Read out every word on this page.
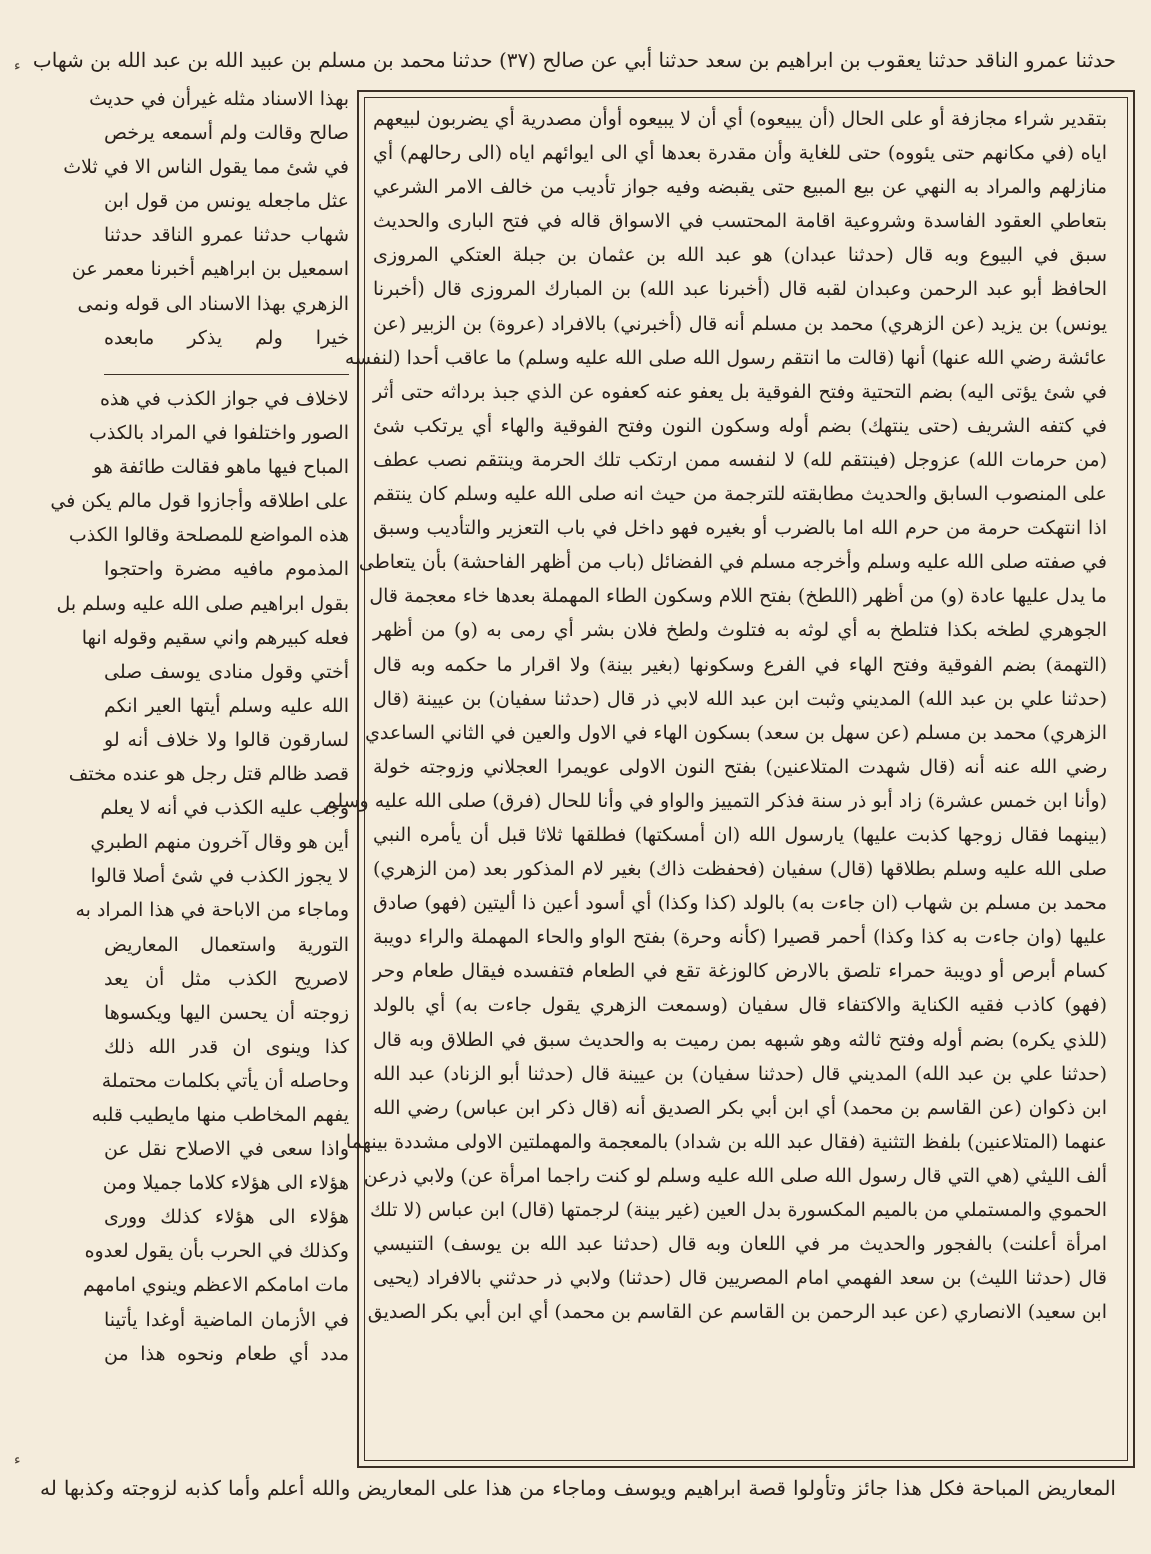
ء حدثنا عمرو الناقد حدثنا يعقوب بن ابراهيم بن سعد حدثنا أبي عن صالح (٣٧) حدثنا محمد بن مسلم بن عبيد الله بن عبد الله بن شهاب
بهذا الاسناد مثله غيرأن في حديث
صالح وقالت ولم أسمعه يرخص
في شئ مما يقول الناس الا في ثلاث
عثل ماجعله يونس من قول ابن
شهاب حدثنا عمرو الناقد حدثنا
اسمعيل بن ابراهيم أخبرنا معمر عن
الزهري بهذا الاسناد الى قوله ونمى
خيرا ولم يذكر مابعده
لاخلاف في جواز الكذب في هذه
الصور واختلفوا في المراد بالكذب
المباح فيها ماهو فقالت طائفة هو
على اطلاقه وأجازوا قول مالم يكن في
هذه المواضع للمصلحة وقالوا الكذب
المذموم مافيه مضرة واحتجوا
بقول ابراهيم صلى الله عليه وسلم بل
فعله كبيرهم واني سقيم وقوله انها
أختي وقول منادى يوسف صلى
الله عليه وسلم أيتها العير انكم
لسارقون قالوا ولا خلاف أنه لو
قصد ظالم قتل رجل هو عنده مختف
وجب عليه الكذب في أنه لا يعلم
أين هو وقال آخرون منهم الطبري
لا يجوز الكذب في شئ أصلا قالوا
وماجاء من الاباحة في هذا المراد به
التورية واستعمال المعاريض
لاصريح الكذب مثل أن يعد
زوجته أن يحسن اليها ويكسوها
كذا وينوى ان قدر الله ذلك
وحاصله أن يأتي بكلمات محتملة
يفهم المخاطب منها مايطيب قلبه
واذا سعى في الاصلاح نقل عن
هؤلاء الى هؤلاء كلاما جميلا ومن
هؤلاء الى هؤلاء كذلك وورى
وكذلك في الحرب بأن يقول لعدوه
مات امامكم الاعظم وينوي امامهم
في الأزمان الماضية أوغدا يأتينا
مدد أي طعام ونحوه هذا من
بتقدير شراء مجازفة أو على الحال (أن يبيعوه) أي أن لا يبيعوه أوأن مصدرية أي يضربون لبيعهم
اياه (في مكانهم حتى يئووه) حتى للغاية وأن مقدرة بعدها أي الى ايوائهم اياه (الى رحالهم) أي
منازلهم والمراد به النهي عن بيع المبيع حتى يقبضه وفيه جواز تأديب من خالف الامر الشرعي
بتعاطي العقود الفاسدة وشروعية اقامة المحتسب في الاسواق قاله في فتح البارى والحديث
سبق في البيوع وبه قال (حدثنا عبدان) هو عبد الله بن عثمان بن جبلة العتكي المروزى
الحافظ أبو عبد الرحمن وعبدان لقبه قال (أخبرنا عبد الله) بن المبارك المروزى قال (أخبرنا
يونس) بن يزيد (عن الزهري) محمد بن مسلم أنه قال (أخبرني) بالافراد (عروة) بن الزبير (عن
عائشة رضي الله عنها) أنها (قالت ما انتقم رسول الله صلى الله عليه وسلم) ما عاقب أحدا (لنفسه
في شئ يؤتى اليه) بضم التحتية وفتح الفوقية بل يعفو عنه كعفوه عن الذي جبذ برداثه حتى أثر
في كتفه الشريف (حتى ينتهك) بضم أوله وسكون النون وفتح الفوقية والهاء أي يرتكب شئ
(من حرمات الله) عزوجل (فينتقم لله) لا لنفسه ممن ارتكب تلك الحرمة وينتقم نصب عطف
على المنصوب السابق والحديث مطابقته للترجمة من حيث انه صلى الله عليه وسلم كان ينتقم
اذا انتهكت حرمة من حرم الله اما بالضرب أو بغيره فهو داخل في باب التعزير والتأديب وسبق
في صفته صلى الله عليه وسلم وأخرجه مسلم في الفضائل (باب من أظهر الفاحشة) بأن يتعاطى
ما يدل عليها عادة (و) من أظهر (اللطخ) بفتح اللام وسكون الطاء المهملة بعدها خاء معجمة قال
الجوهري لطخه بكذا فتلطخ به أي لوثه به فتلوث ولطخ فلان بشر أي رمى به (و) من أظهر
(التهمة) بضم الفوقية وفتح الهاء في الفرع وسكونها (بغير بينة) ولا اقرار ما حكمه وبه قال
(حدثنا علي بن عبد الله) المديني وثبت ابن عبد الله لابي ذر قال (حدثنا سفيان) بن عيينة (قال
الزهري) محمد بن مسلم (عن سهل بن سعد) بسكون الهاء في الاول والعين في الثاني الساعدي
رضي الله عنه أنه (قال شهدت المتلاعنين) بفتح النون الاولى عويمرا العجلاني وزوجته خولة
(وأنا ابن خمس عشرة) زاد أبو ذر سنة فذكر التمييز والواو في وأنا للحال (فرق) صلى الله عليه وسلم
(بينهما فقال زوجها كذبت عليها) يارسول الله (ان أمسكتها) فطلقها ثلاثا قبل أن يأمره النبي
صلى الله عليه وسلم بطلاقها (قال) سفيان (فحفظت ذاك) بغير لام المذكور بعد (من الزهري)
محمد بن مسلم بن شهاب (ان جاءت به) بالولد (كذا وكذا) أي أسود أعين ذا أليتين (فهو) صادق
عليها (وان جاءت به كذا وكذا) أحمر قصيرا (كأنه وحرة) بفتح الواو والحاء المهملة والراء دويبة
كسام أبرص أو دويبة حمراء تلصق بالارض كالوزغة تقع في الطعام فتفسده فيقال طعام وحر
(فهو) كاذب فقيه الكناية والاكتفاء قال سفيان (وسمعت الزهري يقول جاءت به) أي بالولد
(للذي يكره) بضم أوله وفتح ثالثه وهو شبهه بمن رميت به والحديث سبق في الطلاق وبه قال
(حدثنا علي بن عبد الله) المديني قال (حدثنا سفيان) بن عيينة قال (حدثنا أبو الزناد) عبد الله
ابن ذكوان (عن القاسم بن محمد) أي ابن أبي بكر الصديق أنه (قال ذكر ابن عباس) رضي الله
عنهما (المتلاعنين) بلفظ التثنية (فقال عبد الله بن شداد) بالمعجمة والمهملتين الاولى مشددة بينهما
ألف الليثي (هي التي قال رسول الله صلى الله عليه وسلم لو كنت راجما امرأة عن) ولابي ذرعن
الحموي والمستملي من بالميم المكسورة بدل العين (غير بينة) لرجمتها (قال) ابن عباس (لا تلك
امرأة أعلنت) بالفجور والحديث مر في اللعان وبه قال (حدثنا عبد الله بن يوسف) التنيسي
قال (حدثنا الليث) بن سعد الفهمي امام المصريين قال (حدثنا) ولابي ذر حدثني بالافراد (يحيى
ابن سعيد) الانصاري (عن عبد الرحمن بن القاسم عن القاسم بن محمد) أي ابن أبي بكر الصديق
ء
المعاريض المباحة فكل هذا جائز وتأولوا قصة ابراهيم ويوسف وماجاء من هذا على المعاريض والله أعلم وأما كذبه لزوجته وكذبها له
